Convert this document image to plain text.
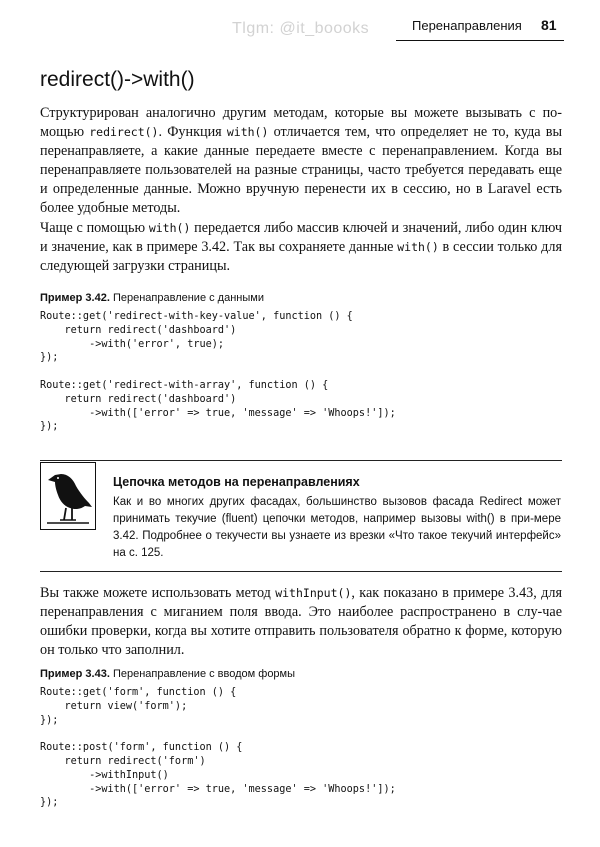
Tlgm: @it_boooks	Перенаправления 81
redirect()->with()

Структурирован аналогично другим методам, которые вы можете вызывать с по-мощью redirect(). Функция with() отличается тем, что определяет не то, куда вы перенаправляете, а какие данные передаете вместе с перенаправлением. Когда вы перенаправляете пользователей на разные страницы, часто требуется передавать еще и определенные данные. Можно вручную перенести их в сессию, но в Laravel есть более удобные методы.

Чаще с помощью with() передается либо массив ключей и значений, либо один ключ и значение, как в примере 3.42. Так вы сохраняете данные with() в сессии только для следующей загрузки страницы.

Пример 3.42. Перенаправление с данными
Route::get('redirect-with-key-value', function () {
return redirect('dashboard')
->with('error', true);
});

Route::get('redirect-with-array', function () {
return redirect('dashboard')
->with(['error' => true, 'message' => 'Whoops!']);
});
Цепочка методов на перенаправлениях

Как и во многих других фасадах, большинство вызовов фасада Redirect может принимать текучие (fluent) цепочки методов, например вызовы with() в при-мере 3.42. Подробнее о текучести вы узнаете из врезки «Что такое текучий интерфейс» на с. 125.

Вы также можете использовать метод withInput(), как показано в примере 3.43, для перенаправления с миганием поля ввода. Это наиболее распространено в слу-чае ошибки проверки, когда вы хотите отправить пользователя обратно к форме, которую он только что заполнил.

Пример 3.43. Перенаправление с вводом формы
Route::get('form', function () {
return view('form');
});

Route::post('form', function () {
return redirect('form')
->withInput()
->with(['error' => true, 'message' => 'Whoops!']);
});
